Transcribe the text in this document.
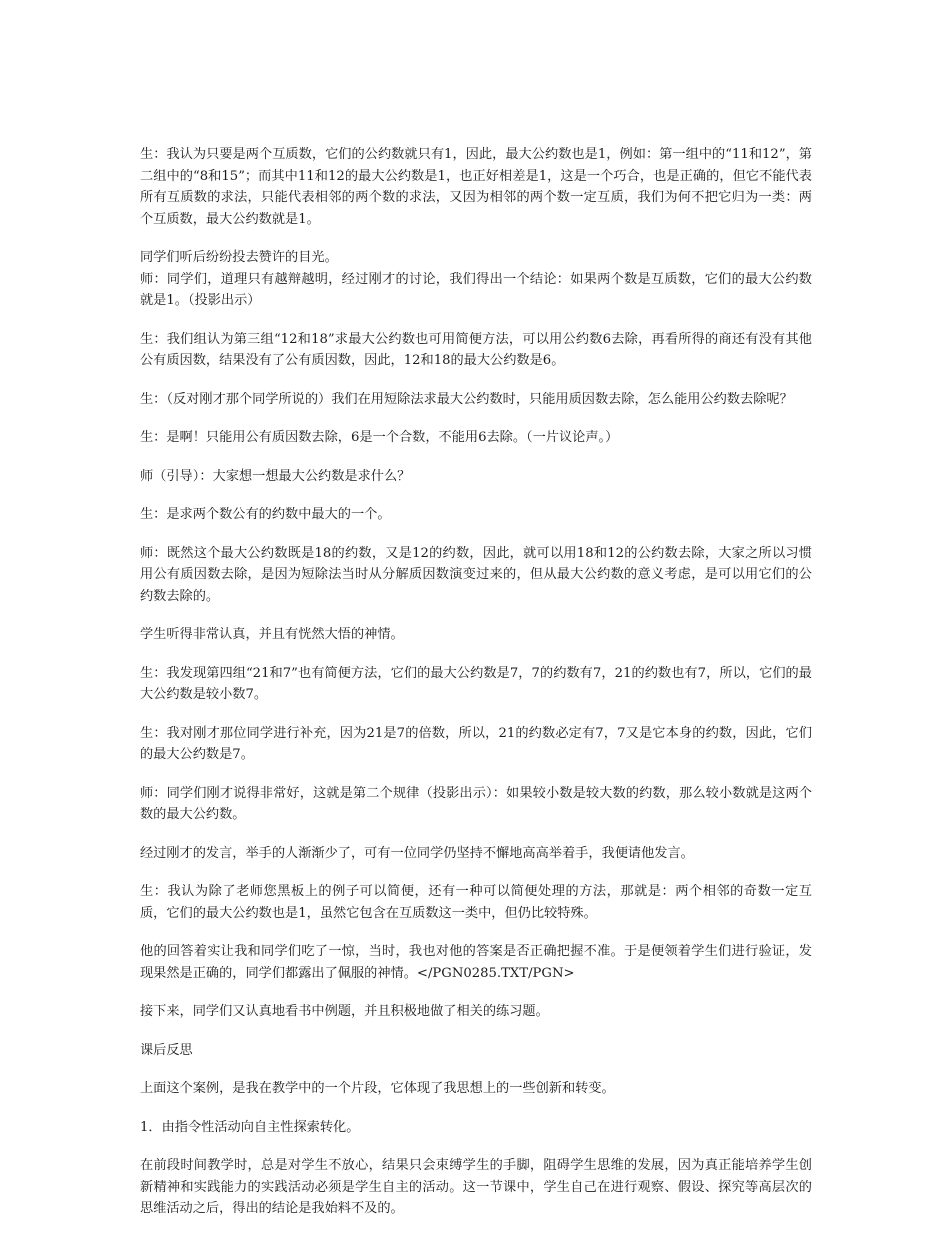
生：我认为只要是两个互质数，它们的公约数就只有1，因此，最大公约数也是1，例如：第一组中的“11和12”，第二组中的“8和15”；而其中11和12的最大公约数是1，也正好相差是1，这是一个巧合，也是正确的，但它不能代表所有互质数的求法，只能代表相邻的两个数的求法，又因为相邻的两个数一定互质，我们为何不把它归为一类：两个互质数，最大公约数就是1。

同学们听后纷纷投去赞许的目光。

师：同学们，道理只有越辩越明，经过刚才的讨论，我们得出一个结论：如果两个数是互质数，它们的最大公约数就是1。（投影出示）

生：我们组认为第三组“12和18”求最大公约数也可用简便方法，可以用公约数6去除，再看所得的商还有没有其他公有质因数，结果没有了公有质因数，因此，12和18的最大公约数是6。

生：（反对刚才那个同学所说的）我们在用短除法求最大公约数时，只能用质因数去除，怎么能用公约数去除呢？

生：是啊！只能用公有质因数去除，6是一个合数，不能用6去除。（一片议论声。）

师（引导）：大家想一想最大公约数是求什么？

生：是求两个数公有的约数中最大的一个。

师：既然这个最大公约数既是18的约数，又是12的约数，因此，就可以用18和12的公约数去除，大家之所以习惯用公有质因数去除，是因为短除法当时从分解质因数演变过来的，但从最大公约数的意义考虑，是可以用它们的公约数去除的。

学生听得非常认真，并且有恍然大悟的神情。

生：我发现第四组“21和7”也有简便方法，它们的最大公约数是7，7的约数有7，21的约数也有7，所以，它们的最大公约数是较小数7。

生：我对刚才那位同学进行补充，因为21是7的倍数，所以，21的约数必定有7，7又是它本身的约数，因此，它们的最大公约数是7。

师：同学们刚才说得非常好，这就是第二个规律（投影出示）：如果较小数是较大数的约数，那么较小数就是这两个数的最大公约数。

经过刚才的发言，举手的人渐渐少了，可有一位同学仍坚持不懈地高高举着手，我便请他发言。

生：我认为除了老师您黑板上的例子可以简便，还有一种可以简便处理的方法，那就是：两个相邻的奇数一定互质，它们的最大公约数也是1，虽然它包含在互质数这一类中，但仍比较特殊。

他的回答着实让我和同学们吃了一惊，当时，我也对他的答案是否正确把握不准。于是便领着学生们进行验证，发现果然是正确的，同学们都露出了佩服的神情。</PGN0285.TXT/PGN>

接下来，同学们又认真地看书中例题，并且积极地做了相关的练习题。

课后反思

上面这个案例，是我在教学中的一个片段，它体现了我思想上的一些创新和转变。

1．由指令性活动向自主性探索转化。

在前段时间教学时，总是对学生不放心，结果只会束缚学生的手脚，阻碍学生思维的发展，因为真正能培养学生创新精神和实践能力的实践活动必须是学生自主的活动。这一节课中，学生自己在进行观察、假设、探究等高层次的思维活动之后，得出的结论是我始料不及的。
